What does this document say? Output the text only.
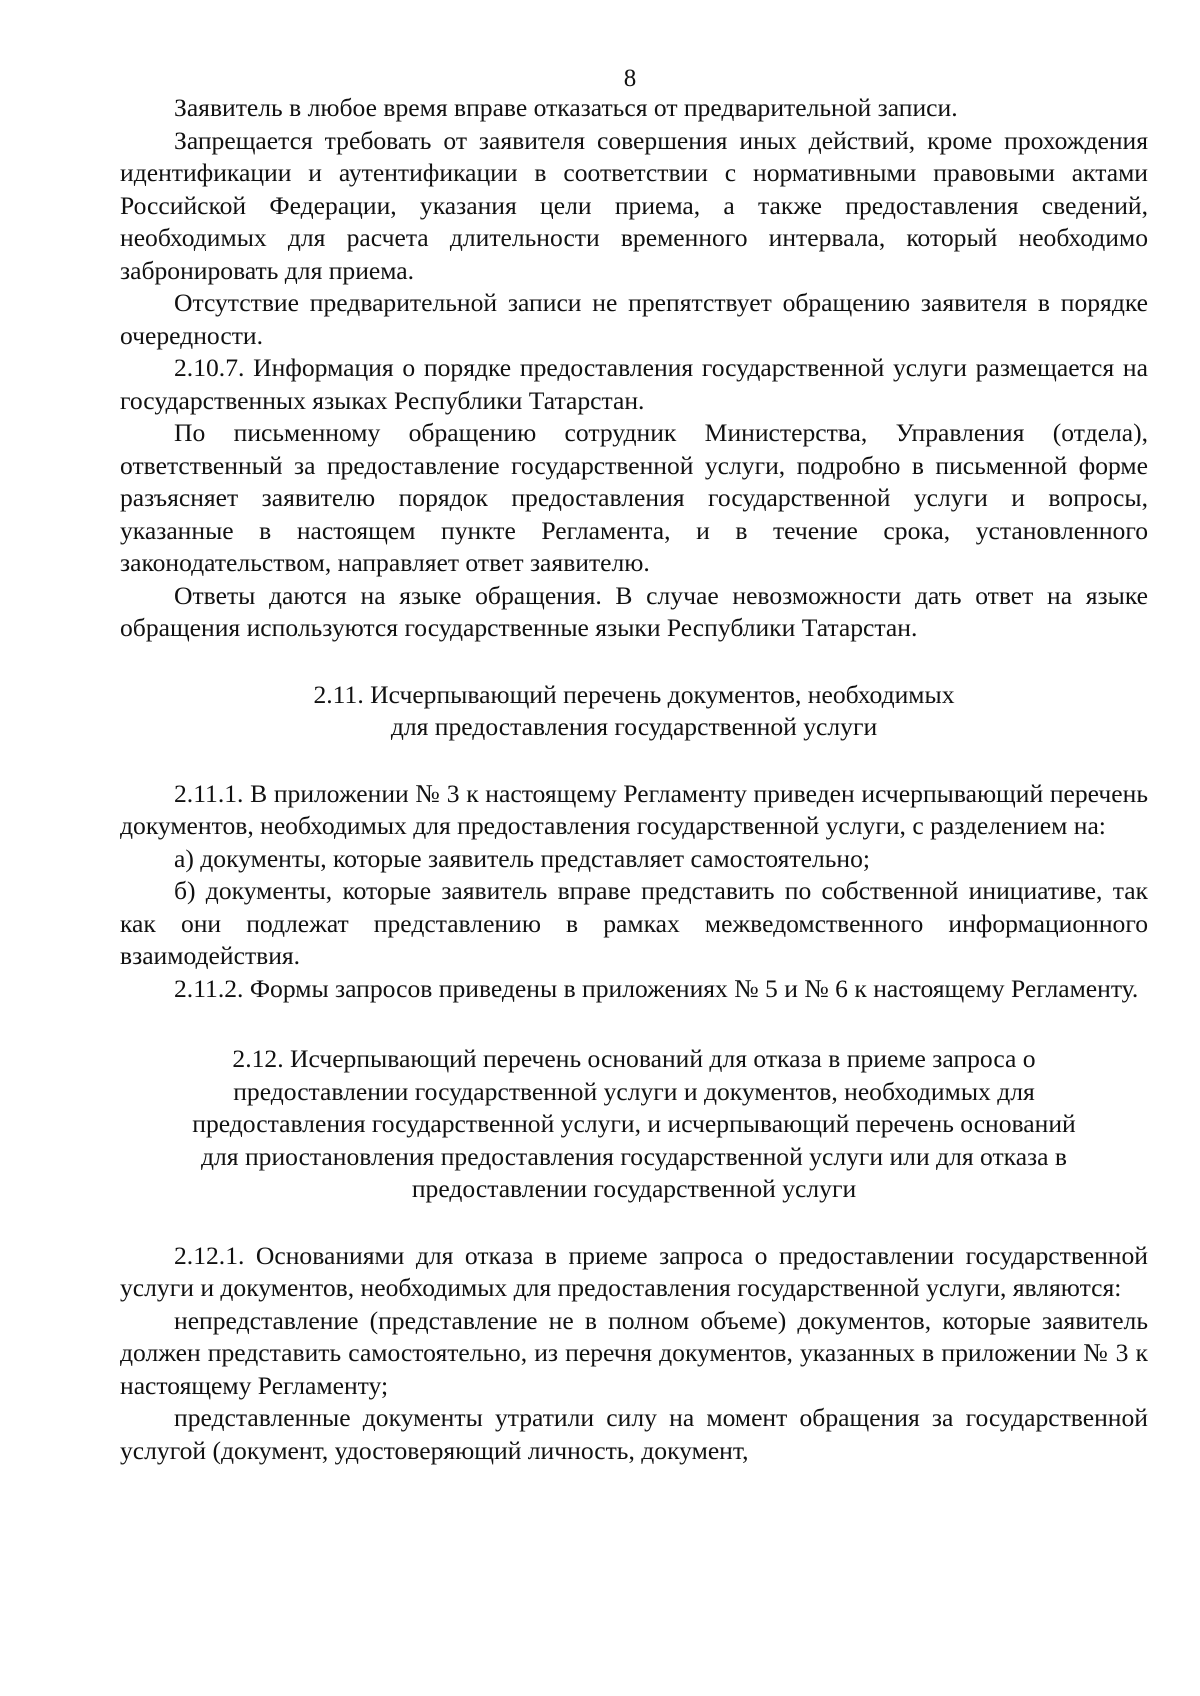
8

Заявитель в любое время вправе отказаться от предварительной записи.

Запрещается требовать от заявителя совершения иных действий, кроме прохождения идентификации и аутентификации в соответствии с нормативными правовыми актами Российской Федерации, указания цели приема, а также предоставления сведений, необходимых для расчета длительности временного интервала, который необходимо забронировать для приема.

Отсутствие предварительной записи не препятствует обращению заявителя в порядке очередности.

2.10.7. Информация о порядке предоставления государственной услуги размещается на государственных языках Республики Татарстан.

По письменному обращению сотрудник Министерства, Управления (отдела), ответственный за предоставление государственной услуги, подробно в письменной форме разъясняет заявителю порядок предоставления государственной услуги и вопросы, указанные в настоящем пункте Регламента, и в течение срока, установленного законодательством, направляет ответ заявителю.

Ответы даются на языке обращения. В случае невозможности дать ответ на языке обращения используются государственные языки Республики Татарстан.

2.11. Исчерпывающий перечень документов, необходимых
для предоставления государственной услуги

2.11.1. В приложении № 3 к настоящему Регламенту приведен исчерпывающий перечень документов, необходимых для предоставления государственной услуги, с разделением на:

а) документы, которые заявитель представляет самостоятельно;

б) документы, которые заявитель вправе представить по собственной инициативе, так как они подлежат представлению в рамках межведомственного информационного взаимодействия.

2.11.2. Формы запросов приведены в приложениях № 5 и № 6 к настоящему Регламенту.

2.12. Исчерпывающий перечень оснований для отказа в приеме запроса о
предоставлении государственной услуги и документов, необходимых для
предоставления государственной услуги, и исчерпывающий перечень оснований
для приостановления предоставления государственной услуги или для отказа в
предоставлении государственной услуги

2.12.1. Основаниями для отказа в приеме запроса о предоставлении государственной услуги и документов, необходимых для предоставления государственной услуги, являются:

непредставление (представление не в полном объеме) документов, которые заявитель должен представить самостоятельно, из перечня документов, указанных в приложении № 3 к настоящему Регламенту;

представленные документы утратили силу на момент обращения за государственной услугой (документ, удостоверяющий личность, документ,
